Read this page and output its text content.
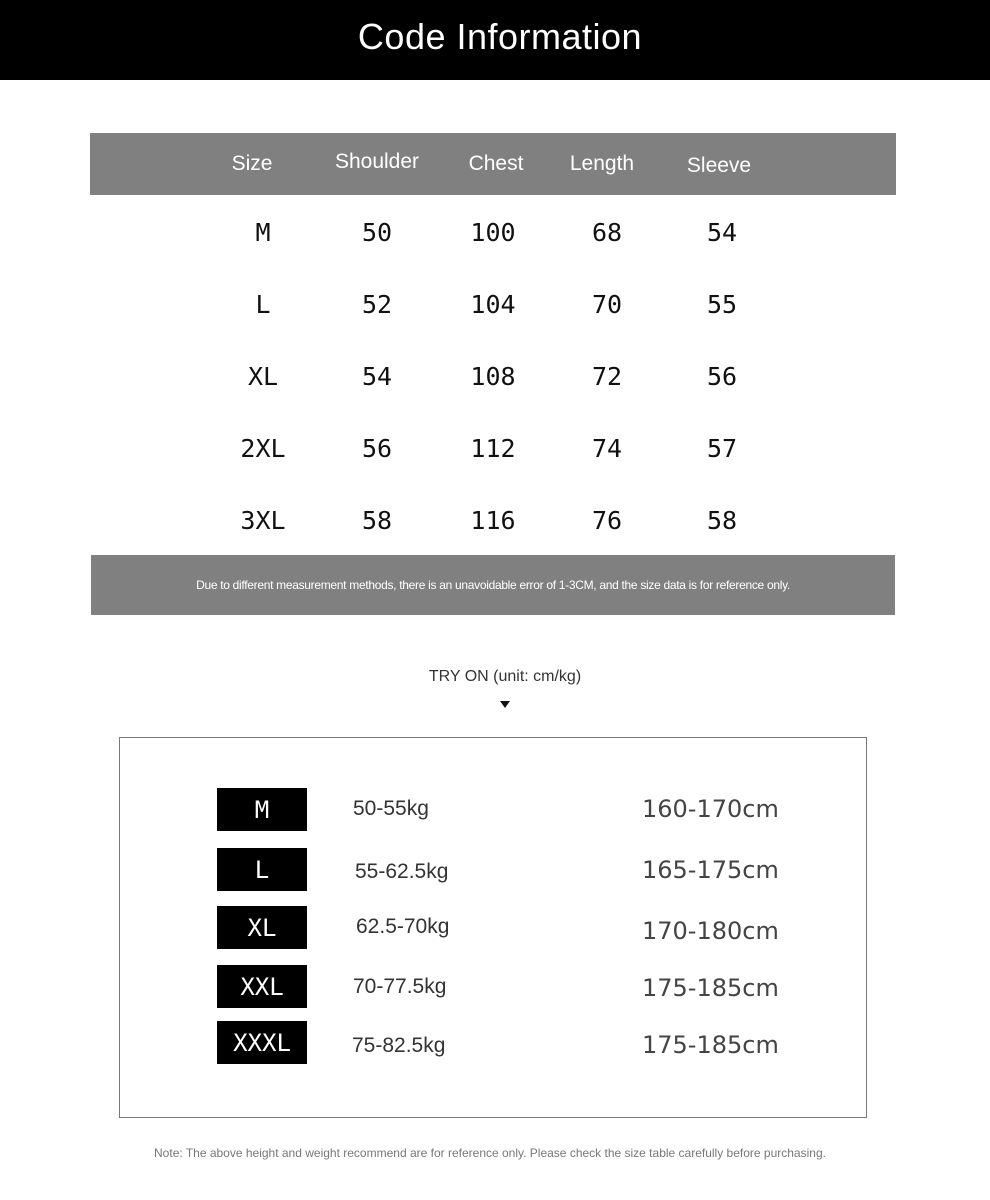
Code Information
Size	Shoulder	Chest	Length	Sleeve
M	50	100	68	54
L	52	104	70	55
XL	54	108	72	56
2XL	56	112	74	57
3XL	58	116	76	58
Due to different measurement methods, there is an unavoidable error of 1-3CM, and the size data is for reference only.
TRY ON (unit: cm/kg)
M	50-55kg	160-170cm
L	55-62.5kg	165-175cm
XL	62.5-70kg	170-180cm
XXL	70-77.5kg	175-185cm
XXXL	75-82.5kg	175-185cm
Note: The above height and weight recommend are for reference only. Please check the size table carefully before purchasing.
